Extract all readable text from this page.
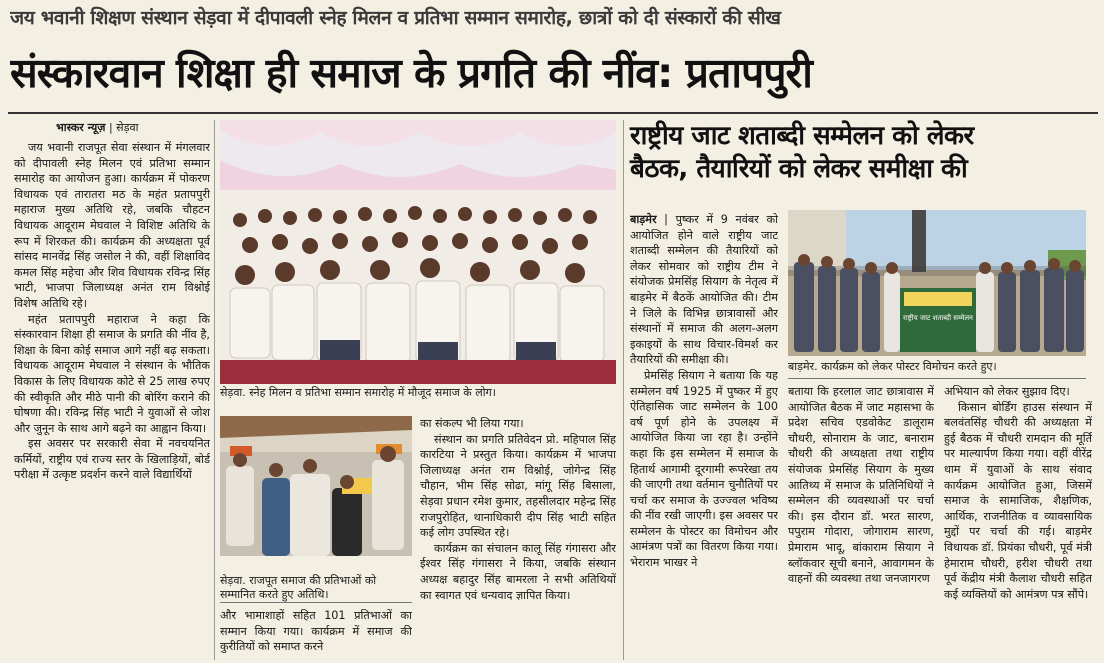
जय भवानी शिक्षण संस्थान सेड़वा में दीपावली स्नेह मिलन व प्रतिभा सम्मान समारोह, छात्रों को दी संस्कारों की सीख
संस्कारवान शिक्षा ही समाज के प्रगति की नींव: प्रतापपुरी
भास्कर न्यूज़ | सेड़वा

जय भवानी राजपूत सेवा संस्थान में मंगलवार को दीपावली स्नेह मिलन एवं प्रतिभा सम्मान समारोह का आयोजन हुआ। कार्यक्रम में पोकरण विधायक एवं तारातरा मठ के महंत प्रतापपुरी महाराज मुख्य अतिथि रहे, जबकि चौहटन विधायक आदूराम मेघवाल ने विशिष्ट अतिथि के रूप में शिरकत की। कार्यक्रम की अध्यक्षता पूर्व सांसद मानवेंद्र सिंह जसोल ने की, वहीं शिक्षाविद कमल सिंह महेचा और शिव विधायक रविन्द्र सिंह भाटी, भाजपा जिलाध्यक्ष अनंत राम विश्नोई विशेष अतिथि रहे।

महंत प्रतापपुरी महाराज ने कहा कि संस्कारवान शिक्षा ही समाज के प्रगति की नींव है, शिक्षा के बिना कोई समाज आगे नहीं बढ़ सकता। विधायक आदूराम मेघवाल ने संस्थान के भौतिक विकास के लिए विधायक कोटे से 25 लाख रुपए की स्वीकृति और मीठे पानी की बोरिंग कराने की घोषणा की। रविन्द्र सिंह भाटी ने युवाओं से जोश और जुनून के साथ आगे बढ़ने का आह्वान किया।

इस अवसर पर सरकारी सेवा में नवचयनित कर्मियों, राष्ट्रीय एवं राज्य स्तर के खिलाड़ियों, बोर्ड परीक्षा में उत्कृष्ट प्रदर्शन करने वाले विद्यार्थियों

सेड़वा. स्नेह मिलन व प्रतिभा सम्मान समारोह में मौजूद समाज के लोग।
सेड़वा. राजपूत समाज की प्रतिभाओं को सम्मानित करते हुए अतिथि।

और भामाशाहों सहित 101 प्रतिभाओं का सम्मान किया गया। कार्यक्रम में समाज की कुरीतियों को समाप्त करने

का संकल्प भी लिया गया।

संस्थान का प्रगति प्रतिवेदन प्रो. महिपाल सिंह कारटिया ने प्रस्तुत किया। कार्यक्रम में भाजपा जिलाध्यक्ष अनंत राम विश्नोई, जोगेन्द्र सिंह चौहान, भीम सिंह सोढा, मांगू सिंह बिसाला, सेड़वा प्रधान रमेश कुमार, तहसीलदार महेन्द्र सिंह राजपुरोहित, थानाधिकारी दीप सिंह भाटी सहित कई लोग उपस्थित रहे।

कार्यक्रम का संचालन कालू सिंह गंगासरा और ईश्वर सिंह गंगासरा ने किया, जबकि संस्थान अध्यक्ष बहादुर सिंह बामरला ने सभी अतिथियों का स्वागत एवं धन्यवाद ज्ञापित किया।

राष्ट्रीय जाट शताब्दी सम्मेलन को लेकर
बैठक, तैयारियों को लेकर समीक्षा की

बाड़मेर | पुष्कर में 9 नवंबर को आयोजित होने वाले राष्ट्रीय जाट शताब्दी सम्मेलन की तैयारियों को लेकर सोमवार को राष्ट्रीय टीम ने संयोजक प्रेमसिंह सियाग के नेतृत्व में बाड़मेर में बैठकें आयोजित की। टीम ने जिले के विभिन्न छात्रावासों और संस्थानों में समाज की अलग-अलग इकाइयों के साथ विचार-विमर्श कर तैयारियों की समीक्षा की।

प्रेमसिंह सियाग ने बताया कि यह सम्मेलन वर्ष 1925 में पुष्कर में हुए ऐतिहासिक जाट सम्मेलन के 100 वर्ष पूर्ण होने के उपलक्ष्य में आयोजित किया जा रहा है। उन्होंने कहा कि इस सम्मेलन में समाज के हितार्थ आगामी दूरगामी रूपरेखा तय की जाएगी तथा वर्तमान चुनौतियों पर चर्चा कर समाज के उज्ज्वल भविष्य की नींव रखी जाएगी। इस अवसर पर सम्मेलन के पोस्टर का विमोचन और आमंत्रण पत्रों का वितरण किया गया। भेराराम भाखर ने

राष्ट्रीय जाट शताब्दी सम्मेलन
बाड़मेर. कार्यक्रम को लेकर पोस्टर विमोचन करते हुए।

बताया कि हरलाल जाट छात्रावास में आयोजित बैठक में जाट महासभा के प्रदेश सचिव एडवोकेट डालूराम चौधरी, सोनाराम के जाट, बनाराम चौधरी की अध्यक्षता तथा राष्ट्रीय संयोजक प्रेमसिंह सियाग के मुख्य आतिथ्य में समाज के प्रतिनिधियों ने सम्मेलन की व्यवस्थाओं पर चर्चा की। इस दौरान डॉ. भरत सारण, पपुराम गोदारा, जोगाराम सारण, प्रेमाराम भादू, बांकाराम सियाग ने ब्लॉकवार सूची बनाने, आवागमन के वाहनों की व्यवस्था तथा जनजागरण

अभियान को लेकर सुझाव दिए।

किसान बोर्डिंग हाउस संस्थान में बलवंतसिंह चौधरी की अध्यक्षता में हुई बैठक में चौधरी रामदान की मूर्ति पर माल्यार्पण किया गया। वहीं वीरेंद्र धाम में युवाओं के साथ संवाद कार्यक्रम आयोजित हुआ, जिसमें समाज के सामाजिक, शैक्षणिक, आर्थिक, राजनीतिक व व्यावसायिक मुद्दों पर चर्चा की गई। बाड़मेर विधायक डॉ. प्रियंका चौधरी, पूर्व मंत्री हेमाराम चौधरी, हरीश चौधरी तथा पूर्व केंद्रीय मंत्री कैलाश चौधरी सहित कई व्यक्तियों को आमंत्रण पत्र सौंपे।
